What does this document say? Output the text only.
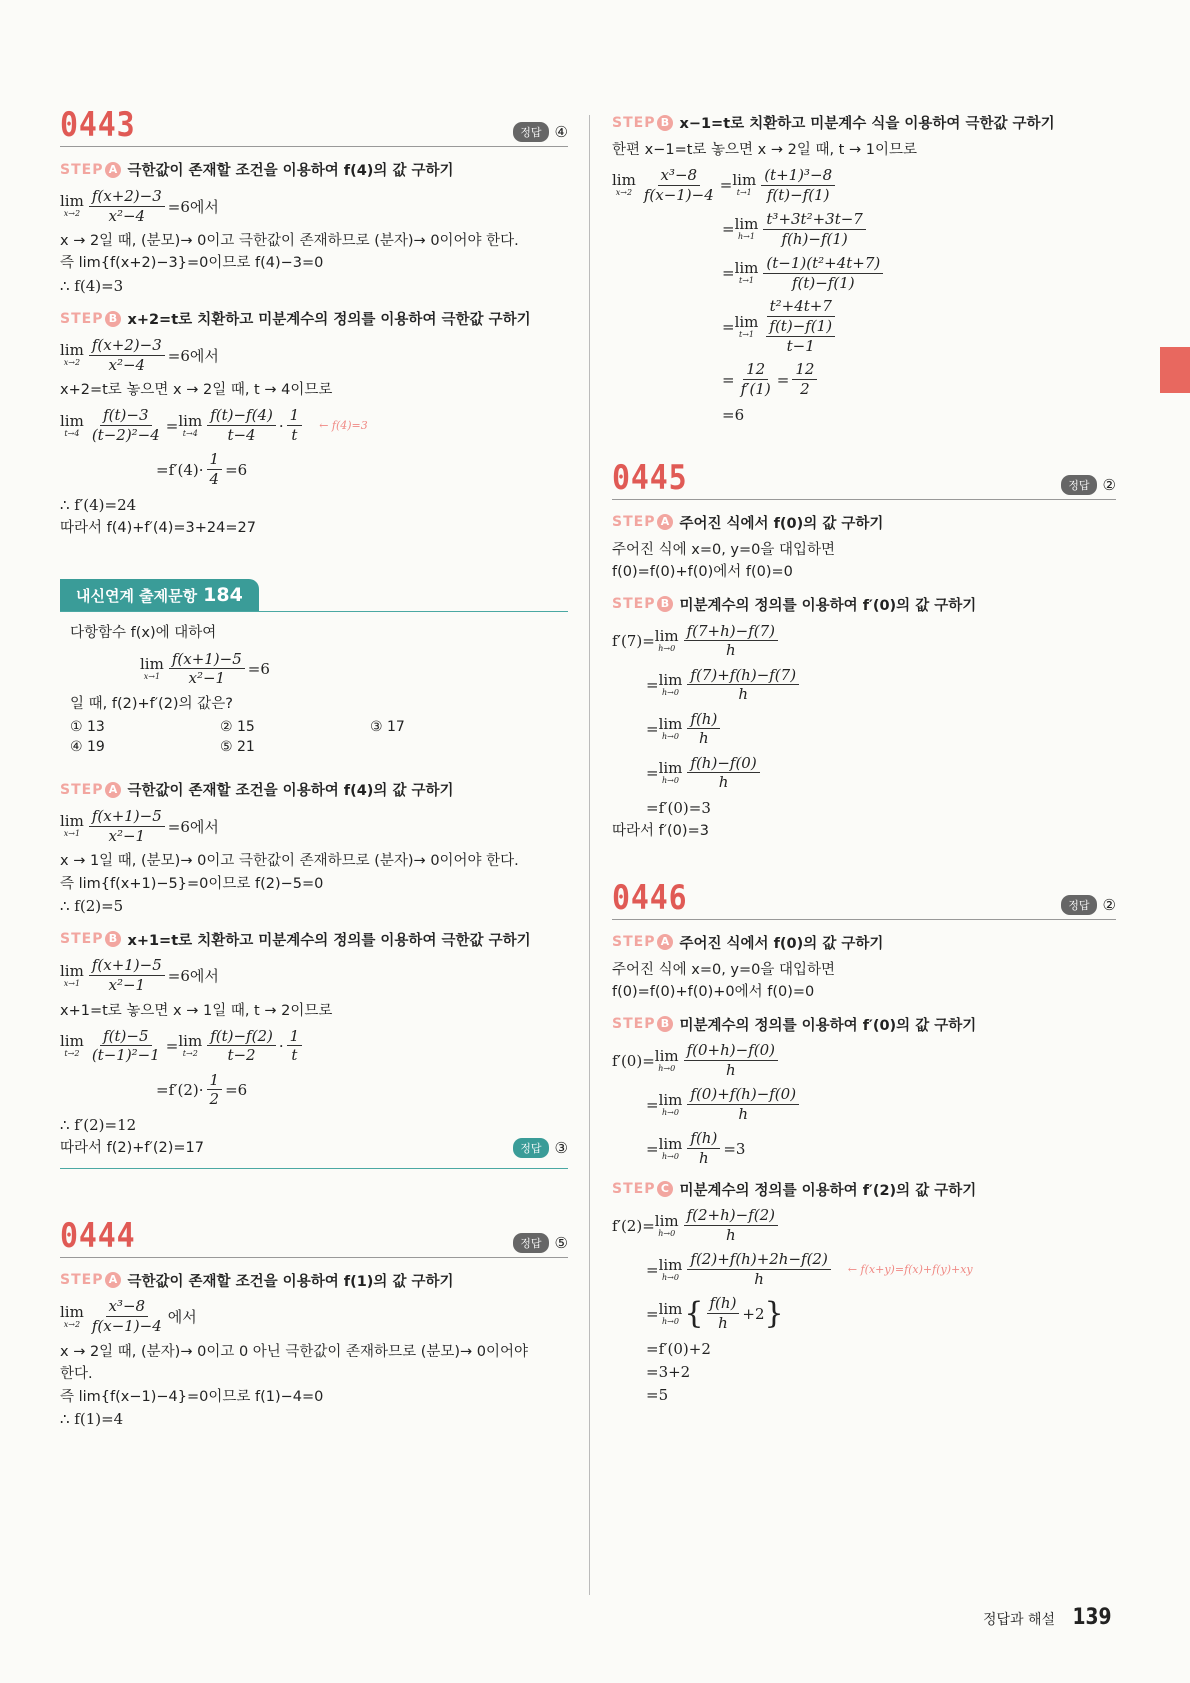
0443	정답 ④
STEP A 극한값이 존재할 조건을 이용하여 f(4)의 값 구하기
lim
$x\to 2 \frac{f(x+2)-3}{\text{x²−4}} =6$에서
x → 2일 때, (분모)→ 0이고 극한값이 존재하므로 (분자)→ 0이어야 한다.
즉 lim{f(x+2)−3}=0이므로 f(4)−3=0
∴ f(4)=3
STEP B x+2=t로 치환하고 미분계수의 정의를 이용하여 극한값 구하기
lim
$x\to 2 \frac{f(x+2)-3}{\text{x²−4}} =6$에서
x+2=t로 놓으면 x → 2일 때, t → 4이므로
lim
$t\to 4 \frac{f(t)-3}{\text{(t−2)²−4}} = \lim$
$t\to 4 \frac{f(t)-f(4)}{t-4} \cdot \frac{1}{t}$ ← f(4)=3
$=f'(4)\cdot \frac{1}{4} =6$
∴ f′(4)=24
따라서 f(4)+f′(4)=3+24=27
내신연계 출제문항 184
다항함수 f(x)에 대하여
lim
$x\to 1 \frac{f(x+1)-5}{\text{x²−1}} =6$
일 때, f(2)+f′(2)의 값은?
① 13	② 15	③ 17
④ 19	⑤ 21
STEP A 극한값이 존재할 조건을 이용하여 f(4)의 값 구하기
lim
$x\to 1 \frac{f(x+1)-5}{\text{x²−1}} =6$에서
x → 1일 때, (분모)→ 0이고 극한값이 존재하므로 (분자)→ 0이어야 한다.
즉 lim{f(x+1)−5}=0이므로 f(2)−5=0
∴ f(2)=5
STEP B x+1=t로 치환하고 미분계수의 정의를 이용하여 극한값 구하기
lim
$x\to 1 \frac{f(x+1)-5}{\text{x²−1}} =6$에서
x+1=t로 놓으면 x → 1일 때, t → 2이므로
lim
$t\to 2 \frac{f(t)-5}{\text{(t−1)²−1}} = \lim$
$t\to 2 \frac{f(t)-f(2)}{t-2} \cdot \frac{1}{t}$
$=f'(2)\cdot \frac{1}{2} =6$
∴ f′(2)=12
따라서 f(2)+f′(2)=17	정답 ③
0444	정답 ⑤
STEP A 극한값이 존재할 조건을 이용하여 f(1)의 값 구하기
lim
$x\to 2 \frac{\text{x³−8}}{f(x-1)-4}$ 에서
x → 2일 때, (분자)→ 0이고 0 아닌 극한값이 존재하므로 (분모)→ 0이어야
한다.
즉 lim{f(x−1)−4}=0이므로 f(1)−4=0
∴ f(1)=4
STEP B x−1=t로 치환하고 미분계수 식을 이용하여 극한값 구하기
한편 x−1=t로 놓으면 x → 2일 때, t → 1이므로
lim
$x\to 2 \frac{\text{x³−8}}{f(x-1)-4} = \lim$
$t\to 1 \frac{\text{(t+1)³−8}}{f(t)-f(1)}$
= lim
$h\to 1 \frac{\text{t³+3t²+3t−7}}{f(h)-f(1)}$
= lim
$t\to 1 \frac{\text{(t−1)(t²+4t+7)}}{f(t)-f(1)}$
= lim
$t\to 1 \frac{\text{t²+4t+7}}{\frac{f(t)-f(1)}{t-1}}$
= $\frac{12}{f'(1)} = \frac{12}{2}$
=6
0445	정답 ②
STEP A 주어진 식에서 f(0)의 값 구하기
주어진 식에 x=0, y=0을 대입하면
f(0)=f(0)+f(0)에서 f(0)=0
STEP B 미분계수의 정의를 이용하여 f′(0)의 값 구하기
f′(7)= lim
$h\to 0 \frac{f(7+h)-f(7)}{h}$
= lim
$h\to 0 \frac{f(7)+f(h)-f(7)}{h}$
= lim
$h\to 0 \frac{f(h)}{h}$
= lim
$h\to 0 \frac{f(h)-f(0)}{h}$
=f′(0)=3
따라서 f′(0)=3
0446	정답 ②
STEP A 주어진 식에서 f(0)의 값 구하기
주어진 식에 x=0, y=0을 대입하면
f(0)=f(0)+f(0)+0에서 f(0)=0
STEP B 미분계수의 정의를 이용하여 f′(0)의 값 구하기
f′(0)= lim
$h\to 0 \frac{f(0+h)-f(0)}{h}$
= lim
$h\to 0 \frac{f(0)+f(h)-f(0)}{h}$
= lim
$h\to 0 \frac{f(h)}{h} =3$
STEP C 미분계수의 정의를 이용하여 f′(2)의 값 구하기
f′(2)= lim
$h\to 0 \frac{f(2+h)-f(2)}{h}$
= lim
$h\to 0 \frac{f(2)+f(h)+2h-f(2)}{h}$ ← f(x+y)=f(x)+f(y)+xy
= lim
h→0 { $\frac{f(h)}{h} +2$ }
=f′(0)+2
=3+2
=5
정답과 해설 139
